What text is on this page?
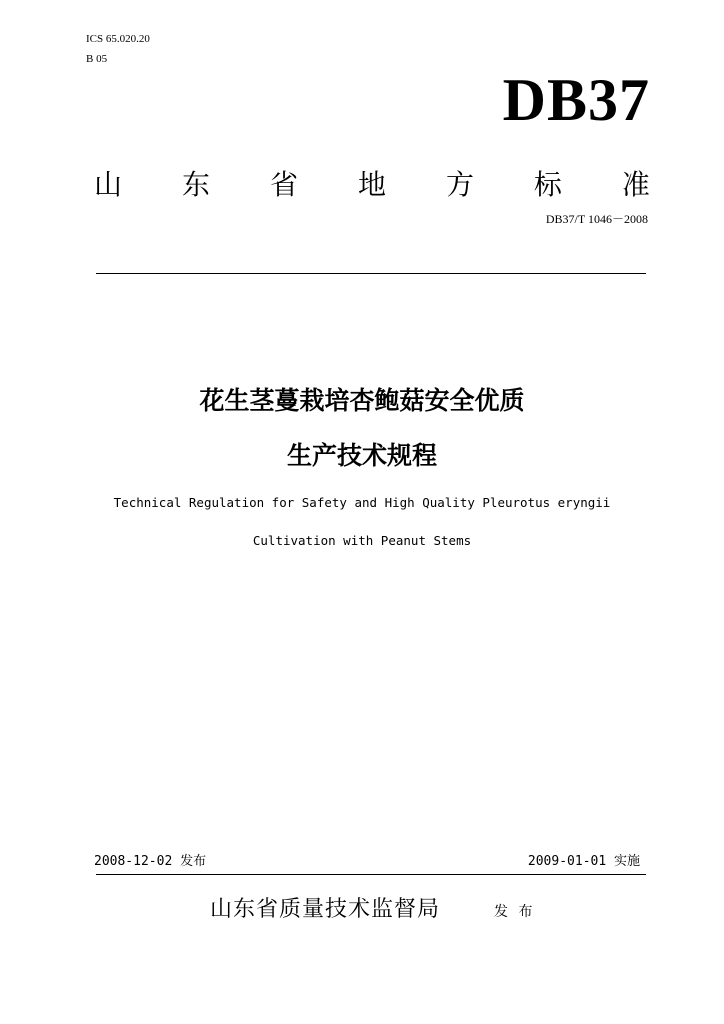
ICS 65.020.20
B 05
DB37
山 东 省 地 方 标 准
DB37/T 1046－2008
花生茎蔓栽培杏鲍菇安全优质
生产技术规程
Technical Regulation for Safety and High Quality Pleurotus eryngii
Cultivation with Peanut Stems
2008-12-02 发布	2009-01-01 实施
山东省质量技术监督局	发 布
